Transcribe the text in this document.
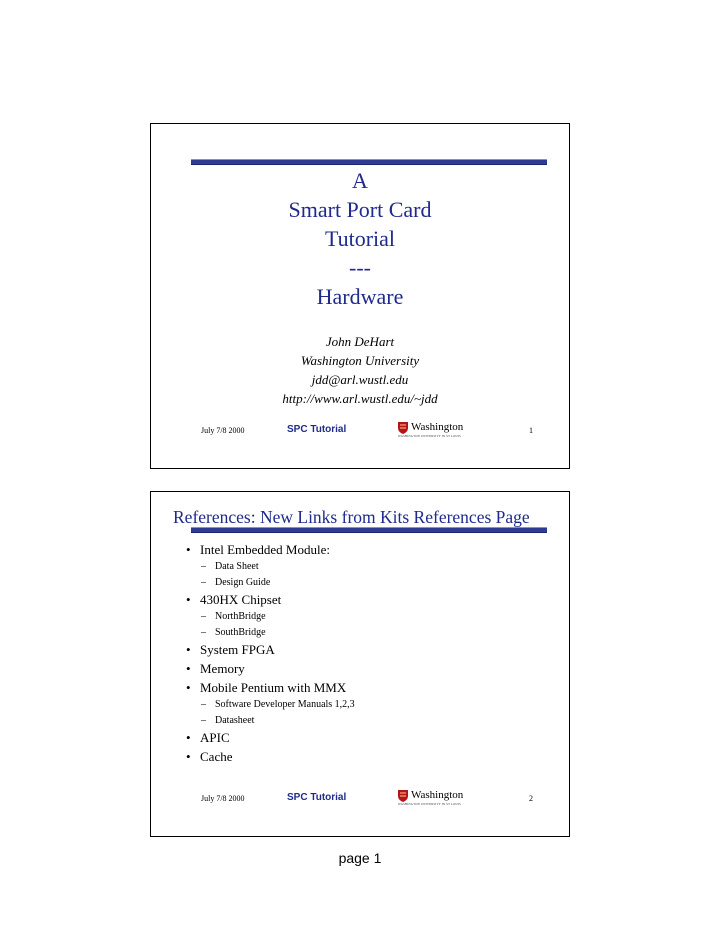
A
Smart Port Card
Tutorial
---
Hardware
John DeHart
Washington University
jdd@arl.wustl.edu
http://www.arl.wustl.edu/~jdd
July 7/8 2000	SPC Tutorial	Washington
WASHINGTON UNIVERSITY IN ST LOUIS
1
References: New Links from Kits References Page
• Intel Embedded Module:
– Data Sheet
– Design Guide
• 430HX Chipset
– NorthBridge
– SouthBridge
• System FPGA
• Memory
• Mobile Pentium with MMX
– Software Developer Manuals 1,2,3
– Datasheet
• APIC
• Cache
July 7/8 2000	SPC Tutorial	Washington
WASHINGTON UNIVERSITY IN ST LOUIS
2
page 1
